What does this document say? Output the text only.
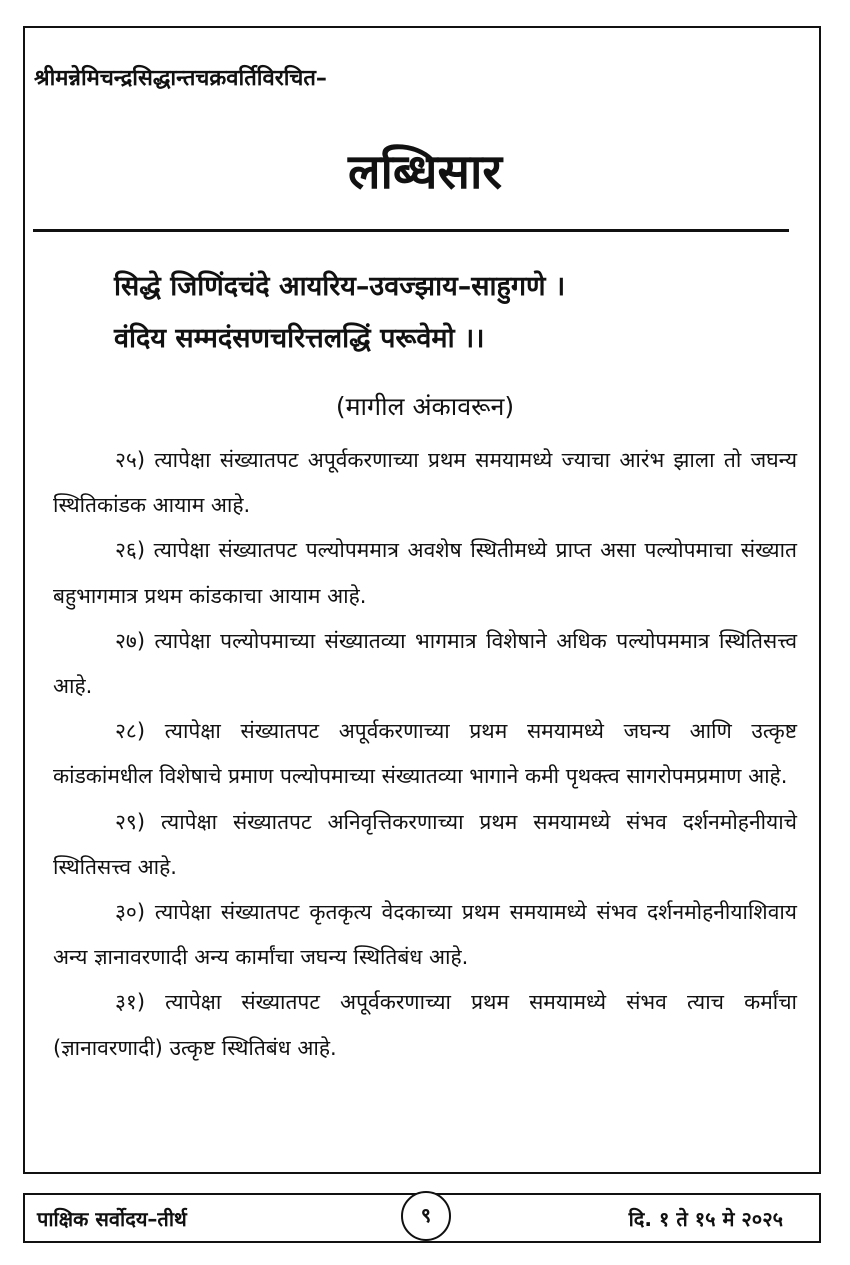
श्रीमन्नेमिचन्द्रसिद्धान्तचक्रवर्तिविरचित–
लब्धिसार
सिद्धे जिणिंदचंदे आयरिय–उवज्झाय–साहुगणे ।
वंदिय सम्मदंसणचरित्तलद्धिं परूवेमो ।।
(मागील अंकावरून)

२५) त्यापेक्षा संख्यातपट अपूर्वकरणाच्या प्रथम समयामध्ये ज्याचा आरंभ झाला तो जघन्य स्थितिकांडक आयाम आहे.

२६) त्यापेक्षा संख्यातपट पल्योपममात्र अवशेष स्थितीमध्ये प्राप्त असा पल्योपमाचा संख्यात बहुभागमात्र प्रथम कांडकाचा आयाम आहे.

२७) त्यापेक्षा पल्योपमाच्या संख्यातव्या भागमात्र विशेषाने अधिक पल्योपममात्र स्थितिसत्त्व आहे.

२८) त्यापेक्षा संख्यातपट अपूर्वकरणाच्या प्रथम समयामध्ये जघन्य आणि उत्कृष्ट कांडकांमधील विशेषाचे प्रमाण पल्योपमाच्या संख्यातव्या भागाने कमी पृथक्त्व सागरोपमप्रमाण आहे.

२९) त्यापेक्षा संख्यातपट अनिवृत्तिकरणाच्या प्रथम समयामध्ये संभव दर्शनमोहनीयाचे स्थितिसत्त्व आहे.

३०) त्यापेक्षा संख्यातपट कृतकृत्य वेदकाच्या प्रथम समयामध्ये संभव दर्शनमोहनीयाशिवाय अन्य ज्ञानावरणादी अन्य कार्मांचा जघन्य स्थितिबंध आहे.

३१) त्यापेक्षा संख्यातपट अपूर्वकरणाच्या प्रथम समयामध्ये संभव त्याच कर्मांचा (ज्ञानावरणादी) उत्कृष्ट स्थितिबंध आहे.

पाक्षिक सर्वोदय–तीर्थ	९	दि. १ ते १५ मे २०२५
